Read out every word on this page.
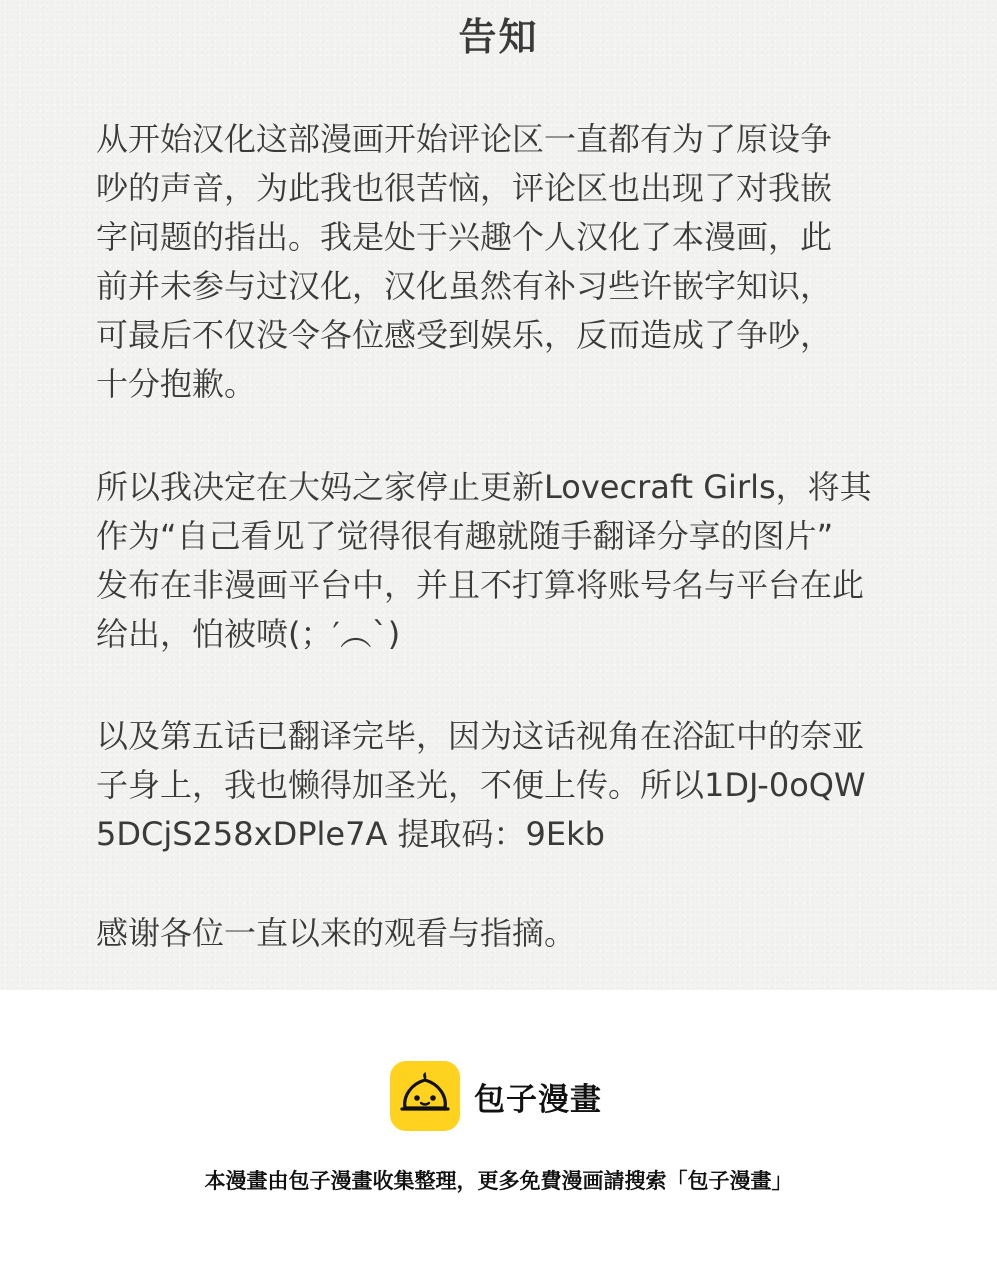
告知

从开始汉化这部漫画开始评论区一直都有为了原设争
吵的声音，为此我也很苦恼，评论区也出现了对我嵌
字问题的指出。我是处于兴趣个人汉化了本漫画，此
前并未参与过汉化，汉化虽然有补习些许嵌字知识，
可最后不仅没令各位感受到娱乐，反而造成了争吵，
十分抱歉。

所以我决定在大妈之家停止更新Lovecraft Girls，将其
作为“自己看见了觉得很有趣就随手翻译分享的图片”
发布在非漫画平台中，并且不打算将账号名与平台在此
给出，怕被喷(；′︵`)

以及第五话已翻译完毕，因为这话视角在浴缸中的奈亚
子身上，我也懒得加圣光，不便上传。所以1DJ-0oQW
5DCjS258xDPle7A 提取码：9Ekb

感谢各位一直以来的观看与指摘。

包子漫畫
本漫畫由包子漫畫收集整理，更多免費漫画請搜索「包子漫畫」
